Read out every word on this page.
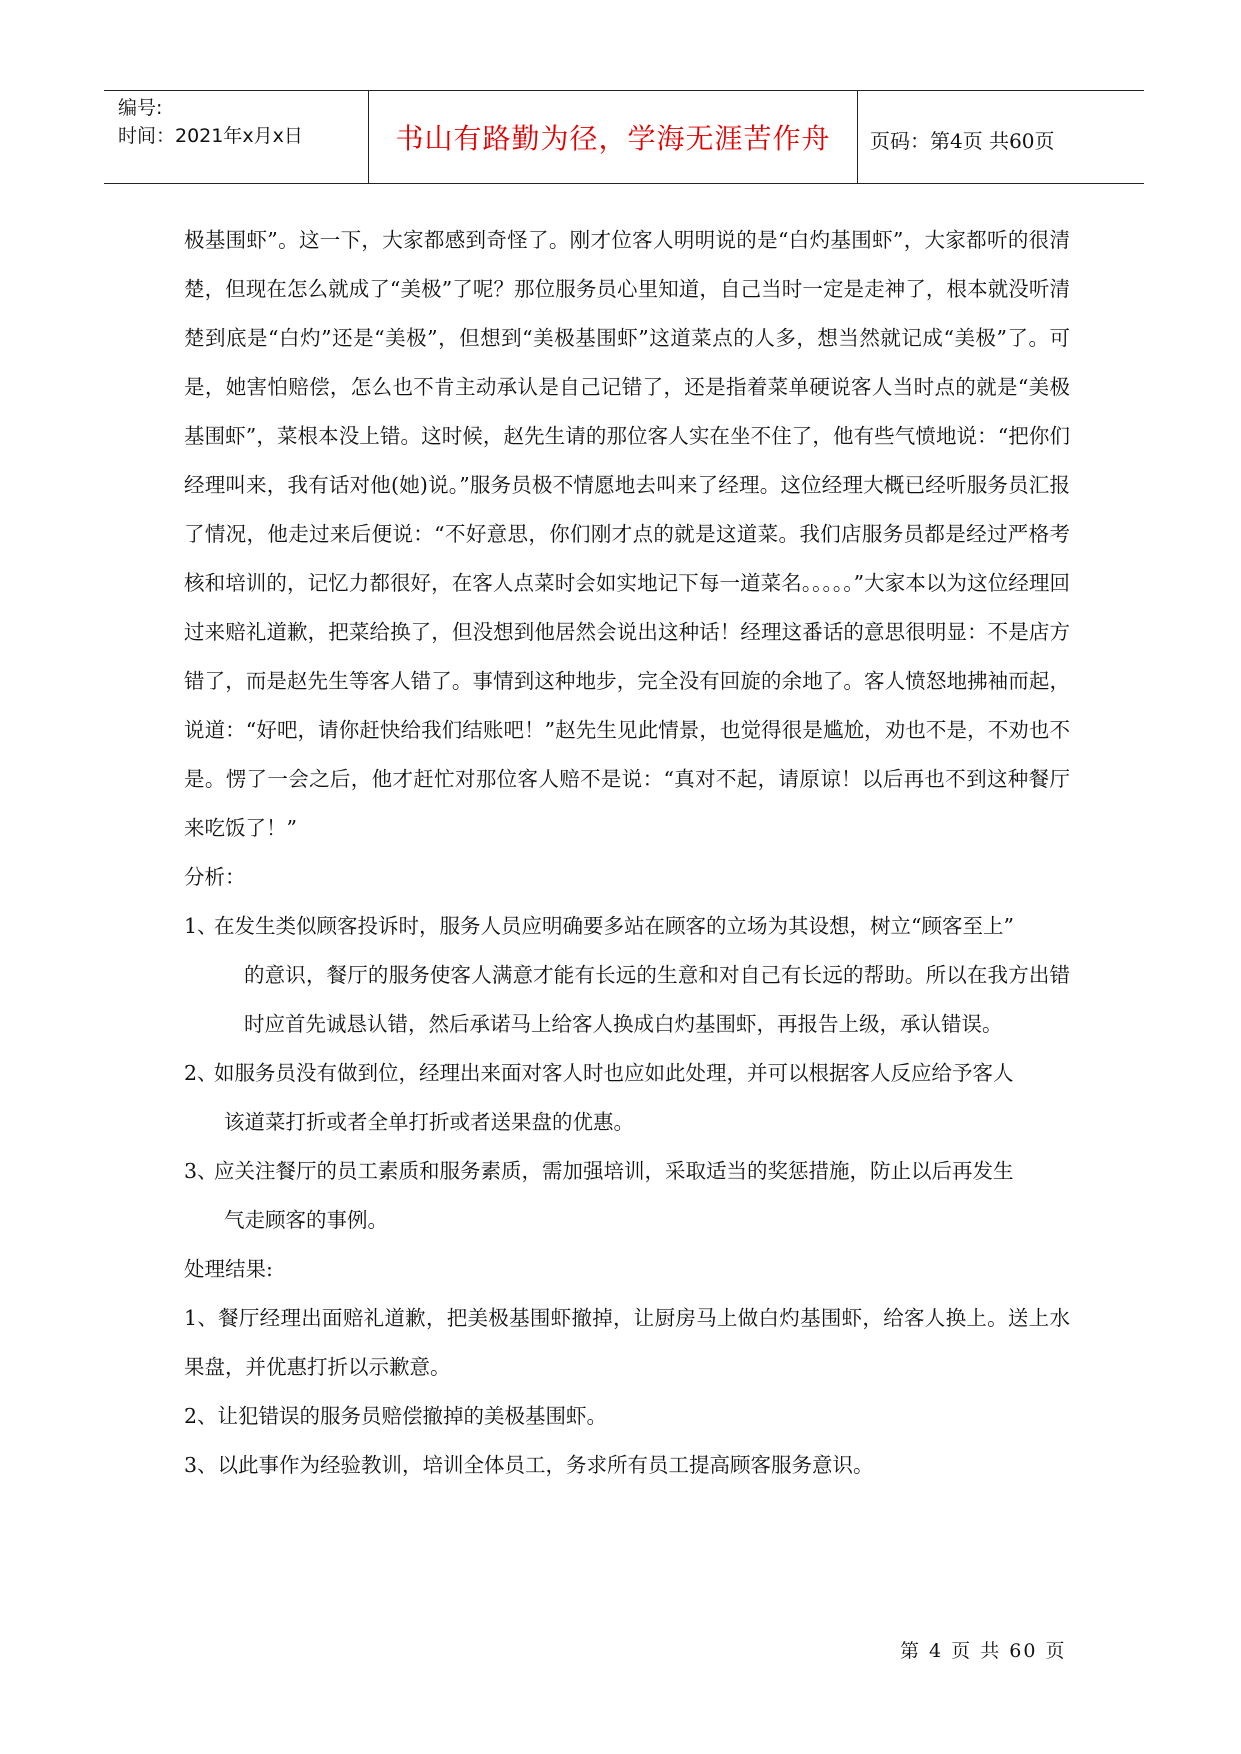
编号:
时间：2021年x月x日	书山有路勤为径，学海无涯苦作舟	页码：第4页 共60页

极基围虾”。这一下，大家都感到奇怪了。刚才位客人明明说的是“白灼基围虾”，大家都听的很清楚，但现在怎么就成了“美极”了呢？那位服务员心里知道，自己当时一定是走神了，根本就没听清楚到底是“白灼”还是“美极”，但想到“美极基围虾”这道菜点的人多，想当然就记成“美极”了。可是，她害怕赔偿，怎么也不肯主动承认是自己记错了，还是指着菜单硬说客人当时点的就是“美极基围虾”，菜根本没上错。这时候，赵先生请的那位客人实在坐不住了，他有些气愤地说：“把你们经理叫来，我有话对他(她)说。”服务员极不情愿地去叫来了经理。这位经理大概已经听服务员汇报了情况，他走过来后便说：“不好意思，你们刚才点的就是这道菜。我们店服务员都是经过严格考核和培训的，记忆力都很好，在客人点菜时会如实地记下每一道菜名。。。。。”大家本以为这位经理回过来赔礼道歉，把菜给换了，但没想到他居然会说出这种话！经理这番话的意思很明显：不是店方错了，而是赵先生等客人错了。事情到这种地步，完全没有回旋的余地了。客人愤怒地拂袖而起，说道：“好吧，请你赶快给我们结账吧！”赵先生见此情景，也觉得很是尴尬，劝也不是，不劝也不是。愣了一会之后，他才赶忙对那位客人赔不是说：“真对不起，请原谅！以后再也不到这种餐厅来吃饭了！”

分析：

1、
在发生类似顾客投诉时，服务人员应明确要多站在顾客的立场为其设想，树立“顾客至上”

的意识，餐厅的服务使客人满意才能有长远的生意和对自己有长远的帮助。所以在我方出错时应首先诚恳认错，然后承诺马上给客人换成白灼基围虾，再报告上级，承认错误。

2、
如服务员没有做到位，经理出来面对客人时也应如此处理，并可以根据客人反应给予客人

该道菜打折或者全单打折或者送果盘的优惠。

3、
应关注餐厅的员工素质和服务素质，需加强培训，采取适当的奖惩措施，防止以后再发生

气走顾客的事例。

处理结果:

1、餐厅经理出面赔礼道歉，把美极基围虾撤掉，让厨房马上做白灼基围虾，给客人换上。送上水果盘，并优惠打折以示歉意。

2、让犯错误的服务员赔偿撤掉的美极基围虾。

3、以此事作为经验教训，培训全体员工，务求所有员工提高顾客服务意识。

第 4 页 共 60 页
